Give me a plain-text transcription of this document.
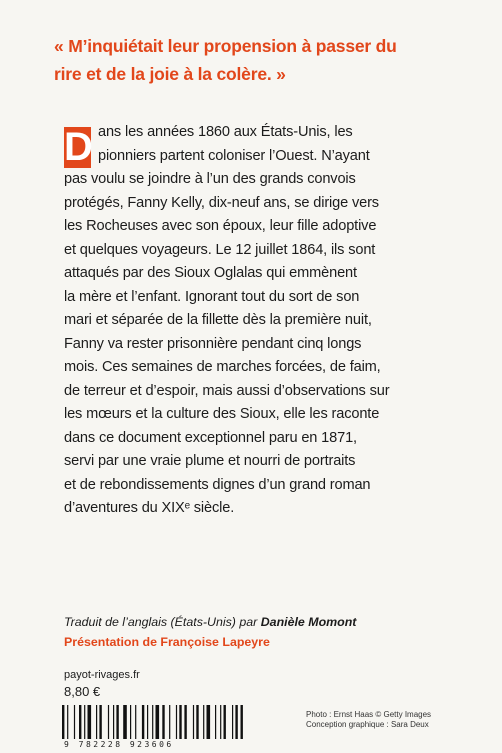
« M’inquiétait leur propension à passer du
rire et de la joie à la colère. »
D ans les années 1860 aux États-Unis, les
pionniers partent coloniser l’Ouest. N’ayant
pas voulu se joindre à l’un des grands convois
protégés, Fanny Kelly, dix-neuf ans, se dirige vers
les Rocheuses avec son époux, leur fille adoptive
et quelques voyageurs. Le 12 juillet 1864, ils sont
attaqués par des Sioux Oglalas qui emmènent
la mère et l’enfant. Ignorant tout du sort de son
mari et séparée de la fillette dès la première nuit,
Fanny va rester prisonnière pendant cinq longs
mois. Ces semaines de marches forcées, de faim,
de terreur et d’espoir, mais aussi d’observations sur
les mœurs et la culture des Sioux, elle les raconte
dans ce document exceptionnel paru en 1871,
servi par une vraie plume et nourri de portraits
et de rebondissements dignes d’un grand roman
d’aventures du XIXᵉ siècle.
Traduit de l’anglais (États-Unis) par Danièle Momont
Présentation de Françoise Lapeyre
payot-rivages.fr
8,80 €
9 782228 923606
Photo : Ernst Haas © Getty Images
Conception graphique : Sara Deux
